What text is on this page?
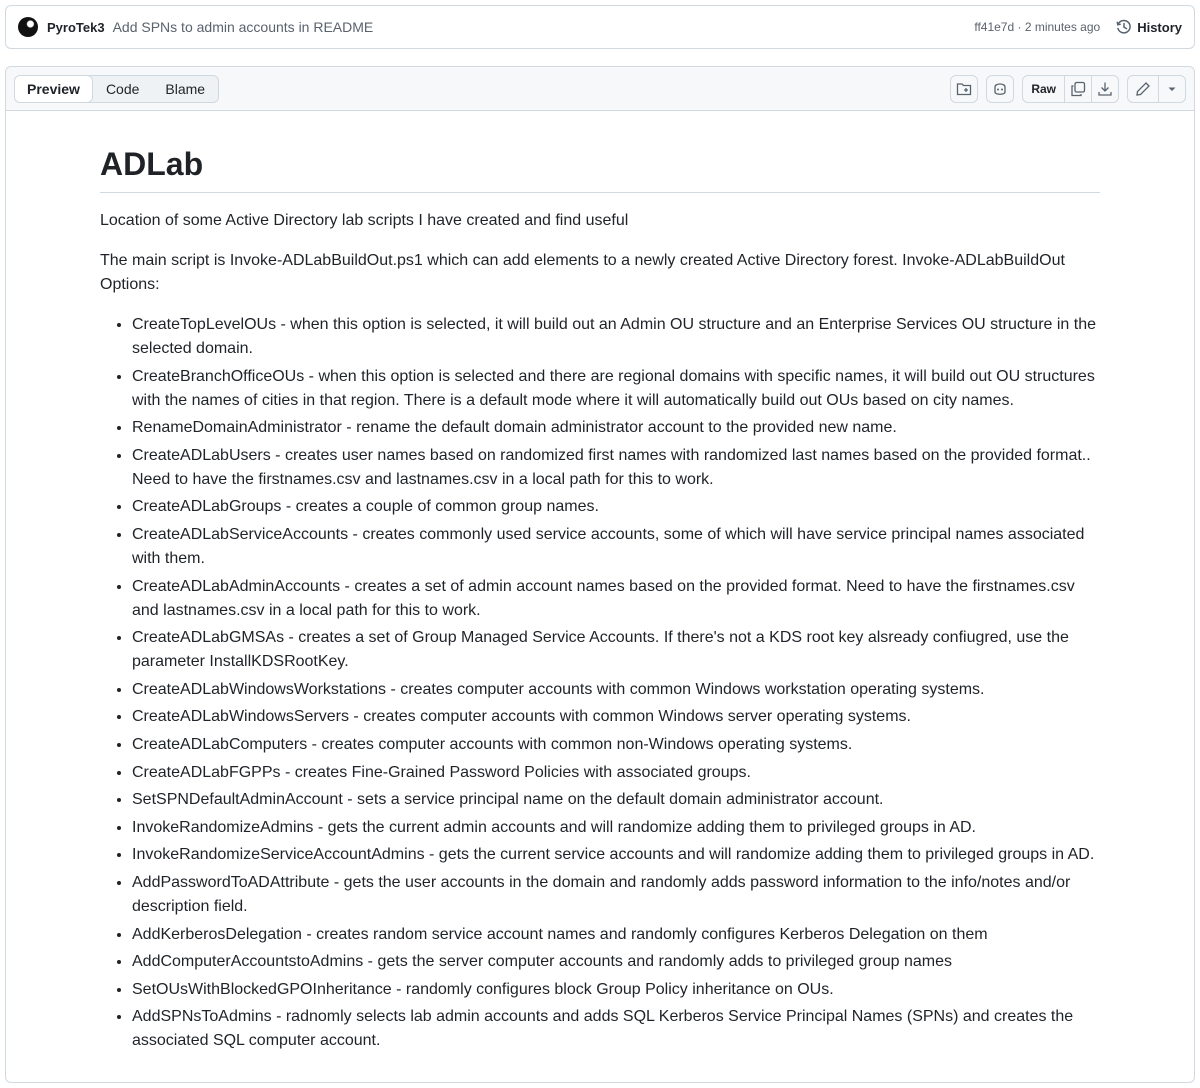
PyroTek3 Add SPNs to admin accounts in README	ff41e7d · 2 minutes ago	History
Preview	Code	Blame	Raw
ADLab

Location of some Active Directory lab scripts I have created and find useful

The main script is Invoke-ADLabBuildOut.ps1 which can add elements to a newly created Active Directory forest. Invoke-ADLabBuildOut Options:

• CreateTopLevelOUs - when this option is selected, it will build out an Admin OU structure and an Enterprise Services OU structure in the selected domain.
• CreateBranchOfficeOUs - when this option is selected and there are regional domains with specific names, it will build out OU structures with the names of cities in that region. There is a default mode where it will automatically build out OUs based on city names.
• RenameDomainAdministrator - rename the default domain administrator account to the provided new name.
• CreateADLabUsers - creates user names based on randomized first names with randomized last names based on the provided format.. Need to have the firstnames.csv and lastnames.csv in a local path for this to work.
• CreateADLabGroups - creates a couple of common group names.
• CreateADLabServiceAccounts - creates commonly used service accounts, some of which will have service principal names associated with them.
• CreateADLabAdminAccounts - creates a set of admin account names based on the provided format. Need to have the firstnames.csv and lastnames.csv in a local path for this to work.
• CreateADLabGMSAs - creates a set of Group Managed Service Accounts. If there's not a KDS root key alsready confiugred, use the parameter InstallKDSRootKey.
• CreateADLabWindowsWorkstations - creates computer accounts with common Windows workstation operating systems.
• CreateADLabWindowsServers - creates computer accounts with common Windows server operating systems.
• CreateADLabComputers - creates computer accounts with common non-Windows operating systems.
• CreateADLabFGPPs - creates Fine-Grained Password Policies with associated groups.
• SetSPNDefaultAdminAccount - sets a service principal name on the default domain administrator account.
• InvokeRandomizeAdmins - gets the current admin accounts and will randomize adding them to privileged groups in AD.
• InvokeRandomizeServiceAccountAdmins - gets the current service accounts and will randomize adding them to privileged groups in AD.
• AddPasswordToADAttribute - gets the user accounts in the domain and randomly adds password information to the info/notes and/or description field.
• AddKerberosDelegation - creates random service account names and randomly configures Kerberos Delegation on them
• AddComputerAccountstoAdmins - gets the server computer accounts and randomly adds to privileged group names
• SetOUsWithBlockedGPOInheritance - randomly configures block Group Policy inheritance on OUs.
• AddSPNsToAdmins - radnomly selects lab admin accounts and adds SQL Kerberos Service Principal Names (SPNs) and creates the associated SQL computer account.
